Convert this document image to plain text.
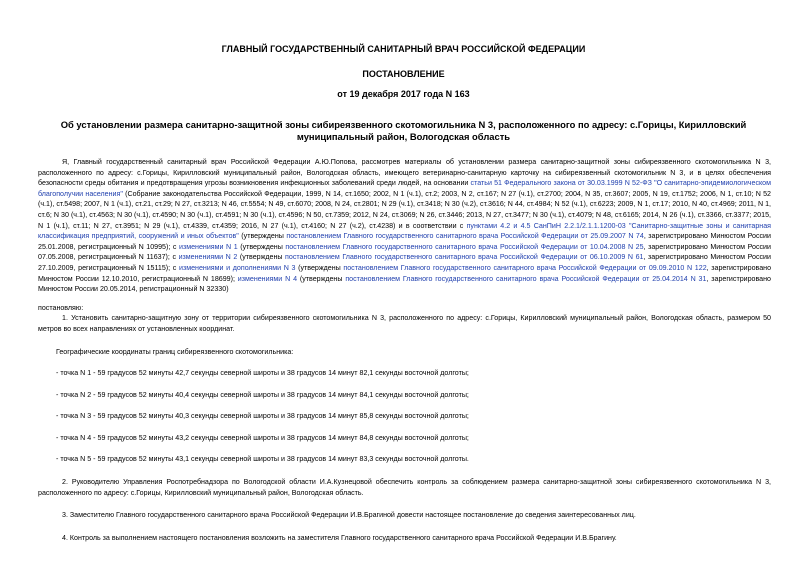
ГЛАВНЫЙ ГОСУДАРСТВЕННЫЙ САНИТАРНЫЙ ВРАЧ РОССИЙСКОЙ ФЕДЕРАЦИИ
ПОСТАНОВЛЕНИЕ
от 19 декабря 2017 года N 163
Об установлении размера санитарно-защитной зоны сибиреязвенного скотомогильника N 3, расположенного по адресу: с.Горицы, Кирилловский муниципальный район, Вологодская область

Я, Главный государственный санитарный врач Российской Федерации А.Ю.Попова, рассмотрев материалы об установлении размера санитарно-защитной зоны сибиреязвенного скотомогильника N 3, расположенного по адресу: с.Горицы, Кирилловский муниципальный район, Вологодская область, имеющего ветеринарно-санитарную карточку на сибиреязвенный скотомогильник N 3, и в целях обеспечения безопасности среды обитания и предотвращения угрозы возникновения инфекционных заболеваний среди людей, на основании статьи 51 Федерального закона от 30.03.1999 N 52-ФЗ "О санитарно-эпидемиологическом благополучии населения" (Собрание законодательства Российской Федерации, 1999, N 14, ст.1650; 2002, N 1 (ч.1), ст.2; 2003, N 2, ст.167; N 27 (ч.1), ст.2700; 2004, N 35, ст.3607; 2005, N 19, ст.1752; 2006, N 1, ст.10; N 52 (ч.1), ст.5498; 2007, N 1 (ч.1), ст.21, ст.29; N 27, ст.3213; N 46, ст.5554; N 49, ст.6070; 2008, N 24, ст.2801; N 29 (ч.1), ст.3418; N 30 (ч.2), ст.3616; N 44, ст.4984; N 52 (ч.1), ст.6223; 2009, N 1, ст.17; 2010, N 40, ст.4969; 2011, N 1, ст.6; N 30 (ч.1), ст.4563; N 30 (ч.1), ст.4590; N 30 (ч.1), ст.4591; N 30 (ч.1), ст.4596; N 50, ст.7359; 2012, N 24, ст.3069; N 26, ст.3446; 2013, N 27, ст.3477; N 30 (ч.1), ст.4079; N 48, ст.6165; 2014, N 26 (ч.1), ст.3366, ст.3377; 2015, N 1 (ч.1), ст.11; N 27, ст.3951; N 29 (ч.1), ст.4339, ст.4359; 2016, N 27 (ч.1), ст.4160; N 27 (ч.2), ст.4238) и в соответствии с пунктами 4.2 и 4.5 СанПиН 2.2.1/2.1.1.1200-03 "Санитарно-защитные зоны и санитарная классификация предприятий, сооружений и иных объектов" (утверждены постановлением Главного государственного санитарного врача Российской Федерации от 25.09.2007 N 74, зарегистрировано Минюстом России 25.01.2008, регистрационный N 10995); с изменениями N 1 (утверждены постановлением Главного государственного санитарного врача Российской Федерации от 10.04.2008 N 25, зарегистрировано Минюстом России 07.05.2008, регистрационный N 11637); с изменениями N 2 (утверждены постановлением Главного государственного санитарного врача Российской Федерации от 06.10.2009 N 61, зарегистрировано Минюстом России 27.10.2009, регистрационный N 15115); с изменениями и дополнениями N 3 (утверждены постановлением Главного государственного санитарного врача Российской Федерации от 09.09.2010 N 122, зарегистрировано Минюстом России 12.10.2010, регистрационный N 18699); изменениями N 4 (утверждены постановлением Главного государственного санитарного врача Российской Федерации от 25.04.2014 N 31, зарегистрировано Минюстом России 20.05.2014, регистрационный N 32330)

постановляю:

1. Установить санитарно-защитную зону от территории сибиреязвенного скотомогильника N 3, расположенного по адресу: с.Горицы, Кирилловский муниципальный район, Вологодская область, размером 50 метров во всех направлениях от установленных координат.

Географические координаты границ сибиреязвенного скотомогильника:

- точка N 1 - 59 градусов 52 минуты 42,7 секунды северной широты и 38 градусов 14 минут 82,1 секунды восточной долготы;

- точка N 2 - 59 градусов 52 минуты 40,4 секунды северной широты и 38 градусов 14 минут 84,1 секунды восточной долготы;

- точка N 3 - 59 градусов 52 минуты 40,3 секунды северной широты и 38 градусов 14 минут 85,8 секунды восточной долготы;

- точка N 4 - 59 градусов 52 минуты 43,2 секунды северной широты и 38 градусов 14 минут 84,8 секунды восточной долготы;

- точка N 5 - 59 градусов 52 минуты 43,1 секунды северной широты и 38 градусов 14 минут 83,3 секунды восточной долготы.

2. Руководителю Управления Роспотребнадзора по Вологодской области И.А.Кузнецовой обеспечить контроль за соблюдением размера санитарно-защитной зоны сибиреязвенного скотомогильника N 3, расположенного по адресу: с.Горицы, Кирилловский муниципальный район, Вологодская область.

3. Заместителю Главного государственного санитарного врача Российской Федерации И.В.Брагиной довести настоящее постановление до сведения заинтересованных лиц.

4. Контроль за выполнением настоящего постановления возложить на заместителя Главного государственного санитарного врача Российской Федерации И.В.Брагину.
